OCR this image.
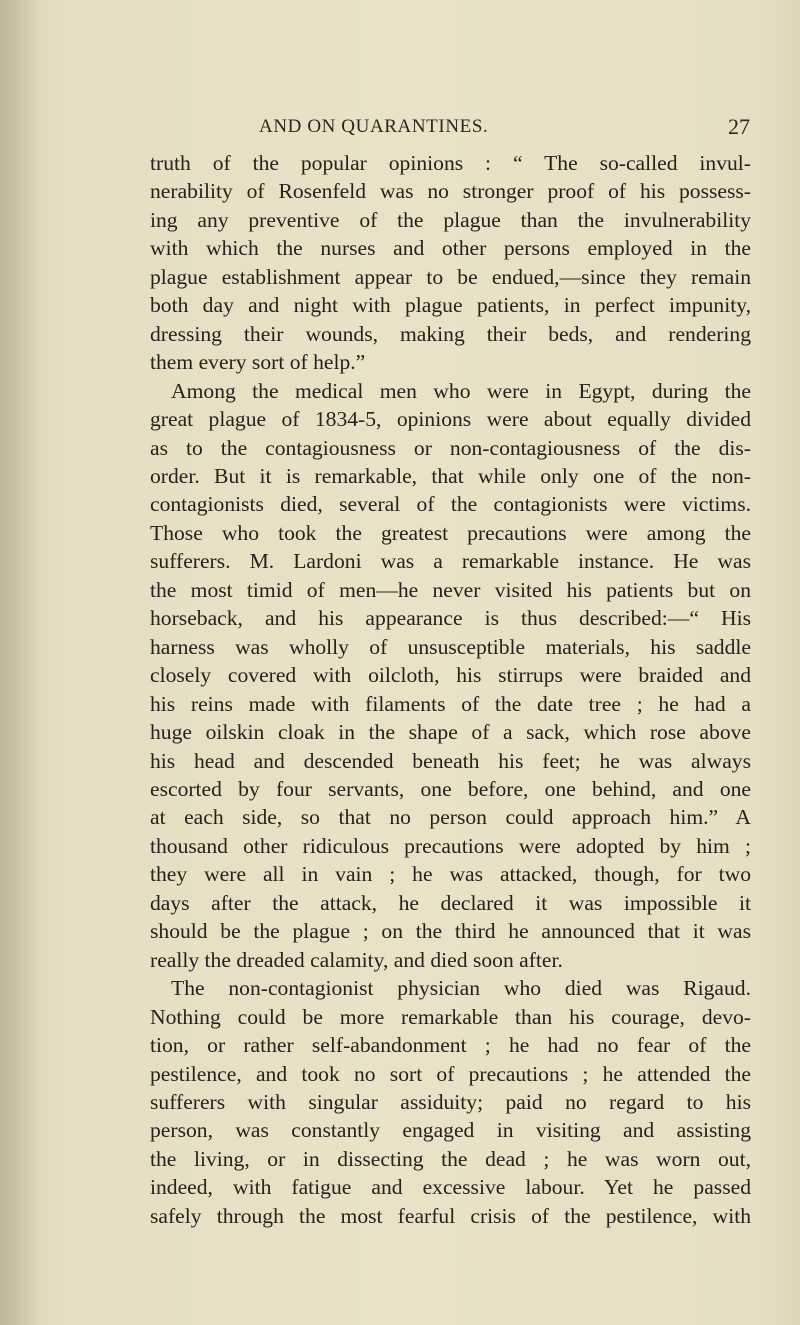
AND ON QUARANTINES.	27

truth of the popular opinions : “ The so-called invul-

nerability of Rosenfeld was no stronger proof of his possess-

ing any preventive of the plague than the invulnerability

with which the nurses and other persons employed in the

plague establishment appear to be endued,—since they remain

both day and night with plague patients, in perfect impunity,

dressing their wounds, making their beds, and rendering

them every sort of help.”

Among the medical men who were in Egypt, during the

great plague of 1834-5, opinions were about equally divided

as to the contagiousness or non-contagiousness of the dis-

order. But it is remarkable, that while only one of the non-

contagionists died, several of the contagionists were victims.

Those who took the greatest precautions were among the

sufferers. M. Lardoni was a remarkable instance. He was

the most timid of men—he never visited his patients but on

horseback, and his appearance is thus described:—“ His

harness was wholly of unsusceptible materials, his saddle

closely covered with oilcloth, his stirrups were braided and

his reins made with filaments of the date tree ; he had a

huge oilskin cloak in the shape of a sack, which rose above

his head and descended beneath his feet; he was always

escorted by four servants, one before, one behind, and one

at each side, so that no person could approach him.” A

thousand other ridiculous precautions were adopted by him ;

they were all in vain ; he was attacked, though, for two

days after the attack, he declared it was impossible it

should be the plague ; on the third he announced that it was

really the dreaded calamity, and died soon after.

The non-contagionist physician who died was Rigaud.

Nothing could be more remarkable than his courage, devo-

tion, or rather self-abandonment ; he had no fear of the

pestilence, and took no sort of precautions ; he attended the

sufferers with singular assiduity; paid no regard to his

person, was constantly engaged in visiting and assisting

the living, or in dissecting the dead ; he was worn out,

indeed, with fatigue and excessive labour. Yet he passed

safely through the most fearful crisis of the pestilence, with
